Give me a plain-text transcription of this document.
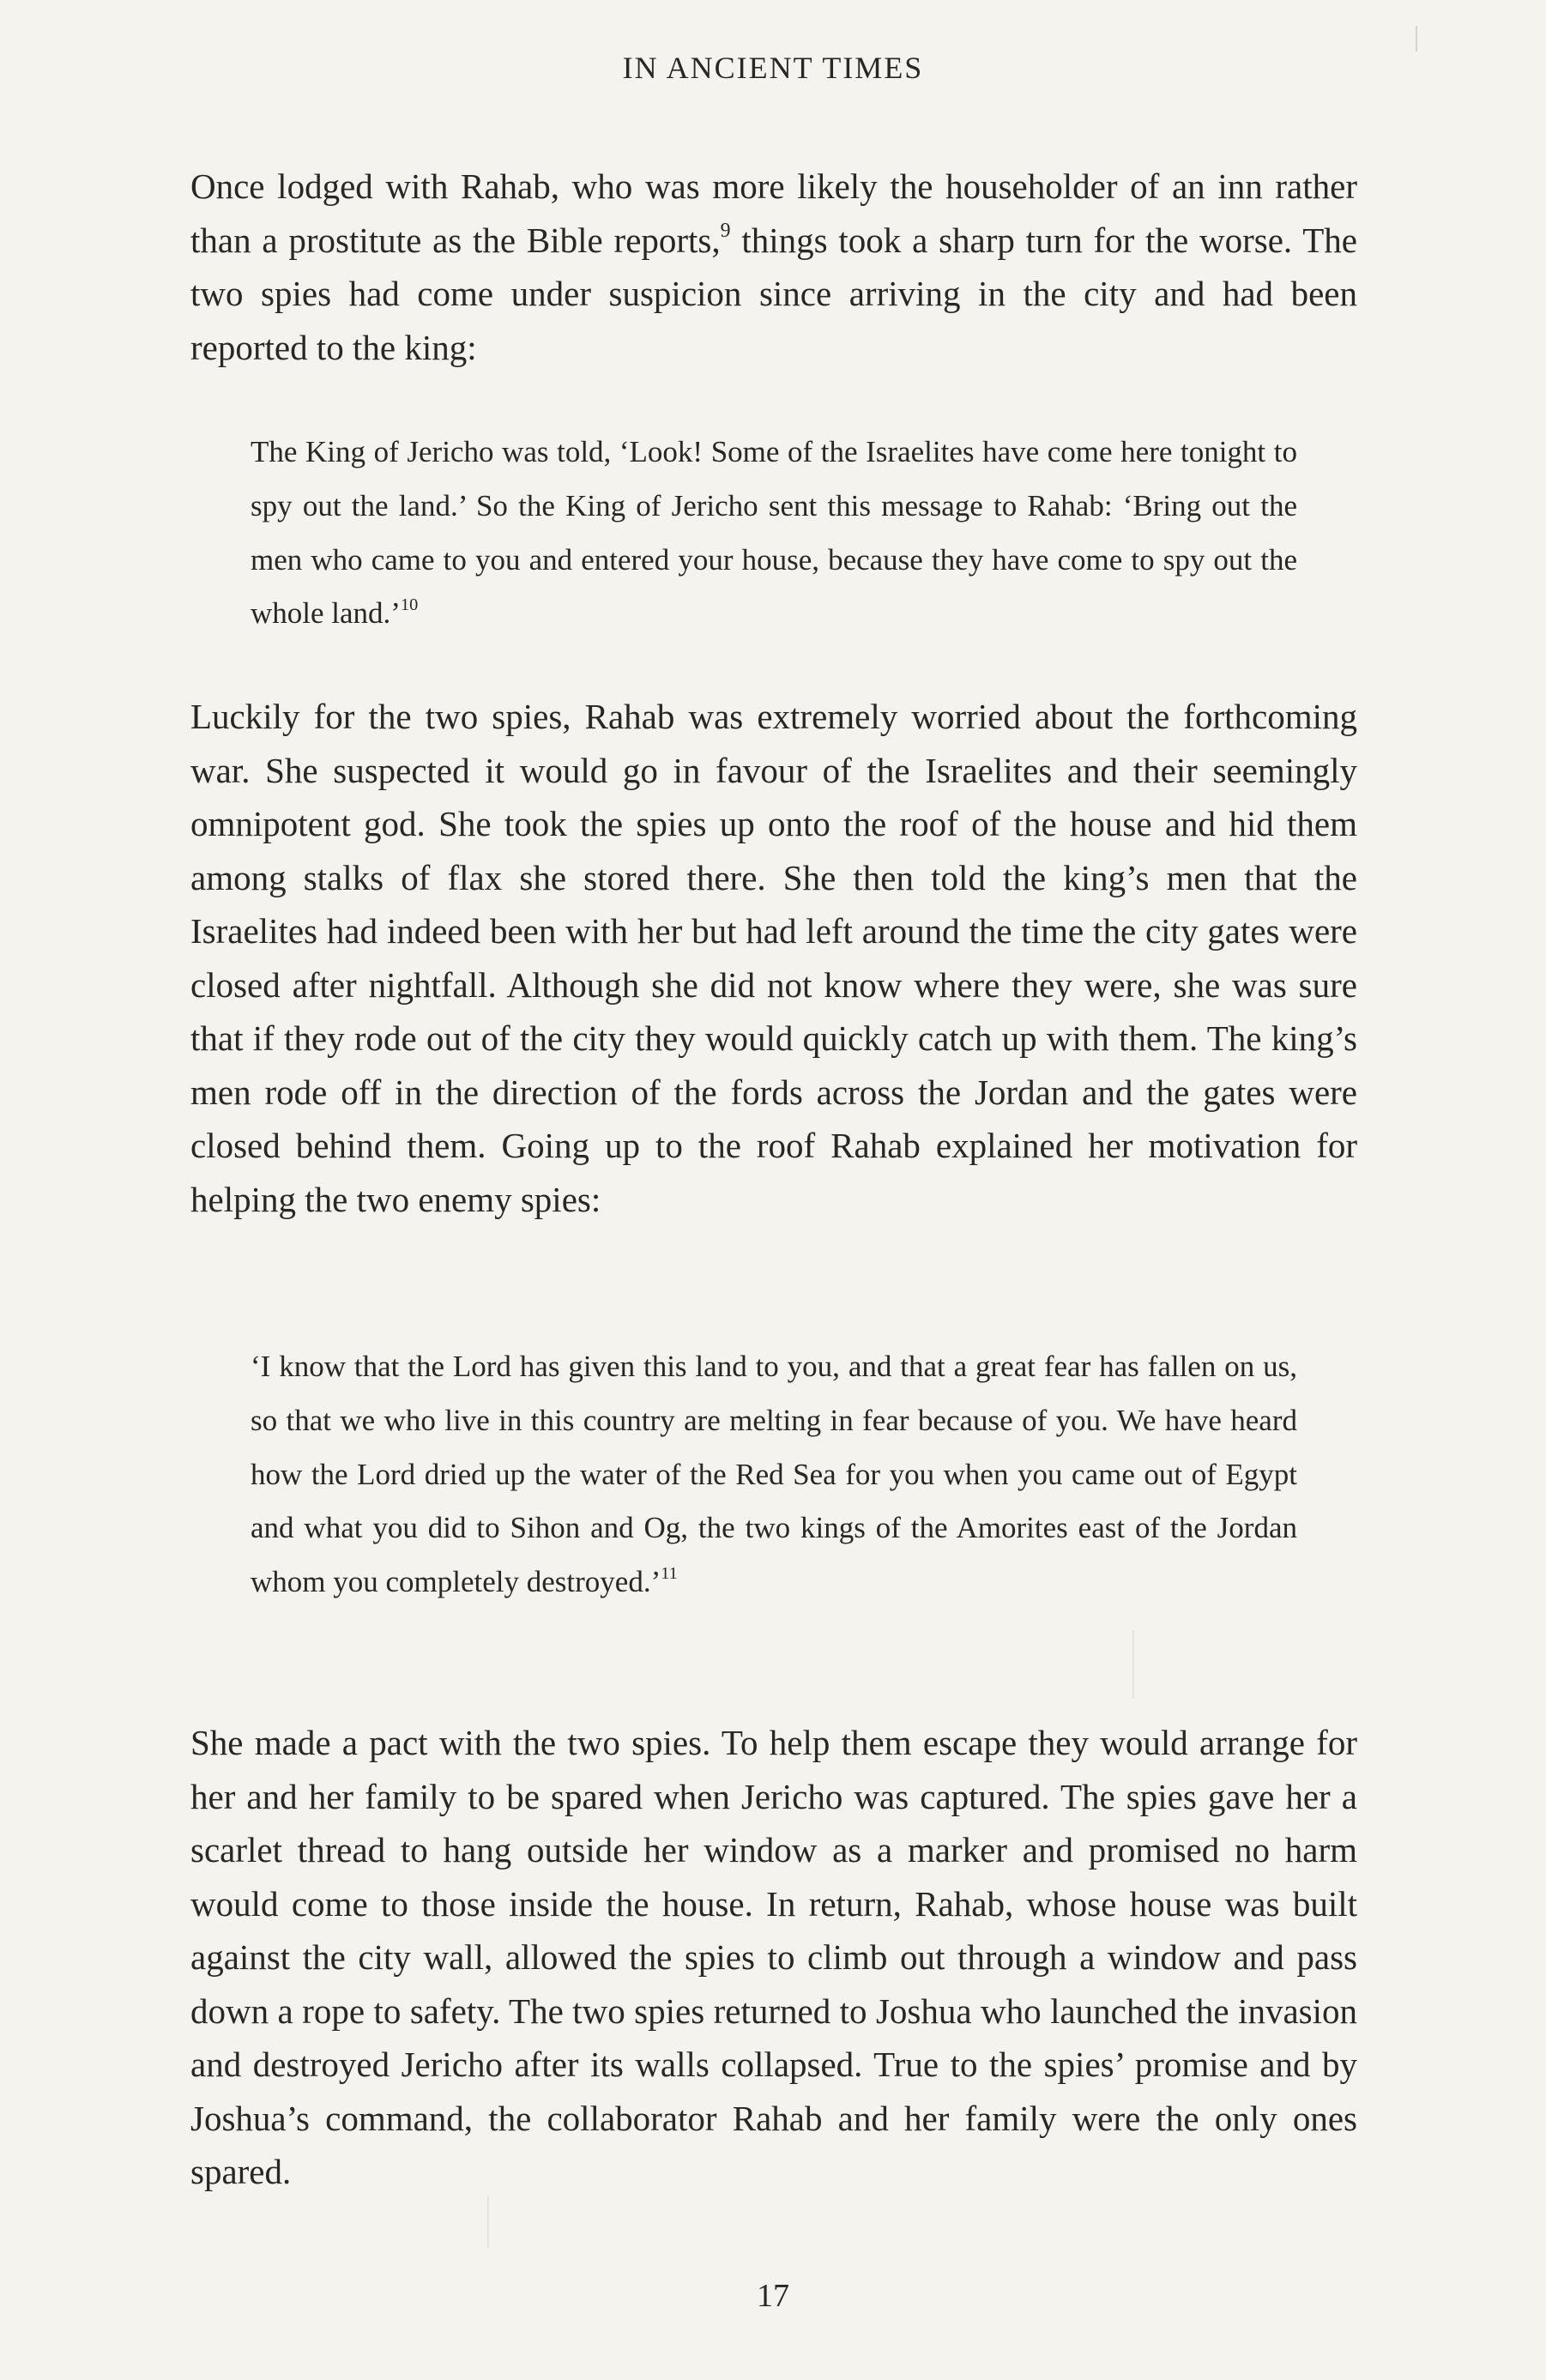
IN ANCIENT TIMES

Once lodged with Rahab, who was more likely the householder of an inn rather than a prostitute as the Bible reports,$^9$ things took a sharp turn for the worse. The two spies had come under suspicion since arriving in the city and had been reported to the king:

The King of Jericho was told, ‘Look! Some of the Israelites have come here tonight to spy out the land.’ So the King of Jericho sent this message to Rahab: ‘Bring out the men who came to you and entered your house, because they have come to spy out the whole land.’$^{10}$

Luckily for the two spies, Rahab was extremely worried about the forthcoming war. She suspected it would go in favour of the Israelites and their seemingly omnipotent god. She took the spies up onto the roof of the house and hid them among stalks of flax she stored there. She then told the king’s men that the Israelites had indeed been with her but had left around the time the city gates were closed after nightfall. Although she did not know where they were, she was sure that if they rode out of the city they would quickly catch up with them. The king’s men rode off in the direction of the fords across the Jordan and the gates were closed behind them. Going up to the roof Rahab explained her motivation for helping the two enemy spies:

‘I know that the Lord has given this land to you, and that a great fear has fallen on us, so that we who live in this country are melting in fear because of you. We have heard how the Lord dried up the water of the Red Sea for you when you came out of Egypt and what you did to Sihon and Og, the two kings of the Amorites east of the Jordan whom you completely destroyed.’$^{11}$

She made a pact with the two spies. To help them escape they would arrange for her and her family to be spared when Jericho was captured. The spies gave her a scarlet thread to hang outside her window as a marker and promised no harm would come to those inside the house. In return, Rahab, whose house was built against the city wall, allowed the spies to climb out through a window and pass down a rope to safety. The two spies returned to Joshua who launched the invasion and destroyed Jericho after its walls collapsed. True to the spies’ promise and by Joshua’s command, the collaborator Rahab and her family were the only ones spared.

17
